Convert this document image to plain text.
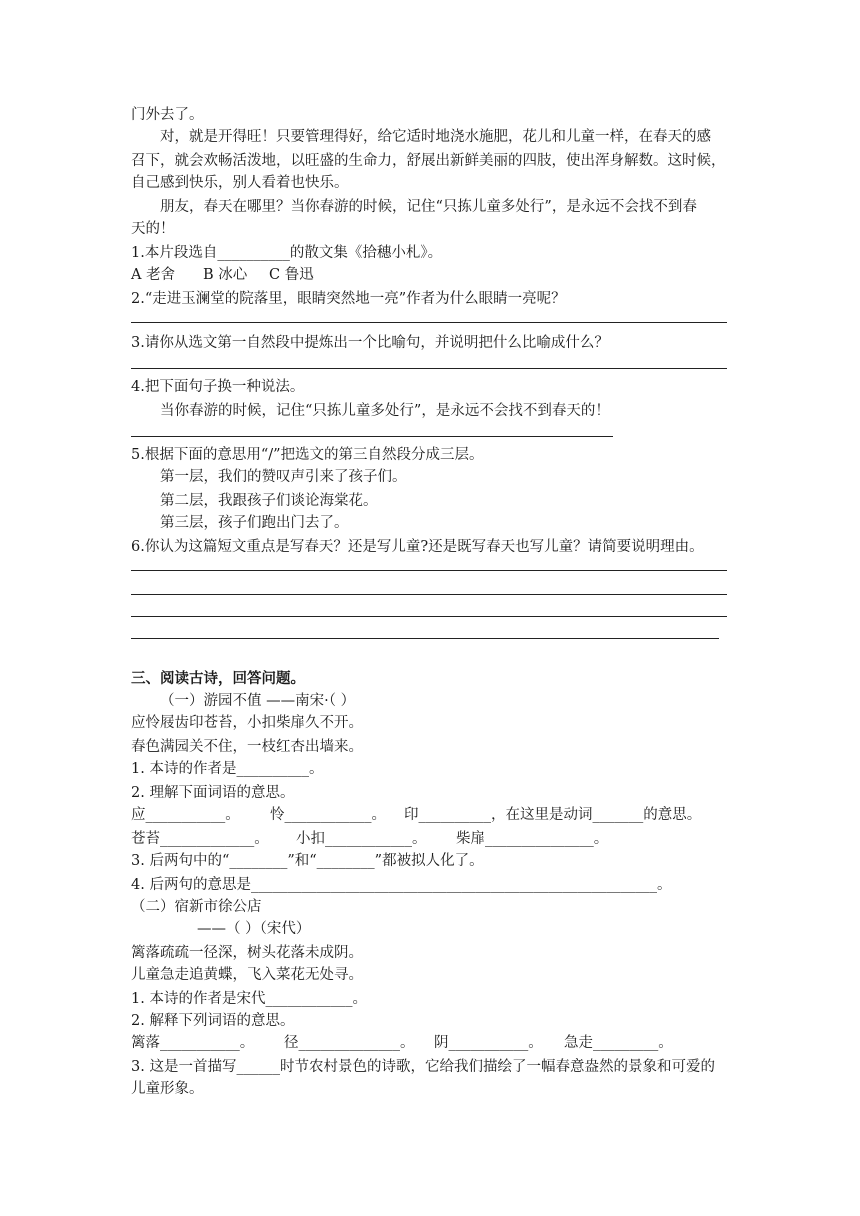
门外去了。
对，就是开得旺！只要管理得好，给它适时地浇水施肥，花儿和儿童一样，在春天的感
召下，就会欢畅活泼地，以旺盛的生命力，舒展出新鲜美丽的四肢，使出浑身解数。这时候，
自己感到快乐，别人看着也快乐。
朋友，春天在哪里？当你春游的时候，记住“只拣儿童多处行”，是永远不会找不到春
天的！
1.本片段选自__________的散文集《拾穗小札》。
A 老舍 B 冰心 C 鲁迅
2.“走进玉澜堂的院落里，眼睛突然地一亮”作者为什么眼睛一亮呢？
3.请你从选文第一自然段中提炼出一个比喻句，并说明把什么比喻成什么？
4.把下面句子换一种说法。
当你春游的时候，记住“只拣儿童多处行”，是永远不会找不到春天的！
5.根据下面的意思用“/”把选文的第三自然段分成三层。
第一层，我们的赞叹声引来了孩子们。
第二层，我跟孩子们谈论海棠花。
第三层，孩子们跑出门去了。
6.你认为这篇短文重点是写春天？还是写儿童?还是既写春天也写儿童？请简要说明理由。
三、阅读古诗，回答问题。
（一）游园不值 ——南宋·（ ）
应怜屐齿印苍苔，小扣柴扉久不开。
春色满园关不住，一枝红杏出墙来。
1. 本诗的作者是__________。
2. 理解下面词语的意思。
应___________。 怜____________。 印__________，在这里是动词_______的意思。
苍苔_____________。 小扣____________。 柴扉_______________。
3. 后两句中的“________”和“________”都被拟人化了。
4. 后两句的意思是________________________________________________________。
（二）宿新市徐公店
——（ ）（宋代）
篱落疏疏一径深，树头花落未成阴。
儿童急走追黄蝶，飞入菜花无处寻。
1. 本诗的作者是宋代____________。
2. 解释下列词语的意思。
篱落___________。 径______________。 阴___________。 急走_________。
3. 这是一首描写______时节农村景色的诗歌，它给我们描绘了一幅春意盎然的景象和可爱的
儿童形象。
